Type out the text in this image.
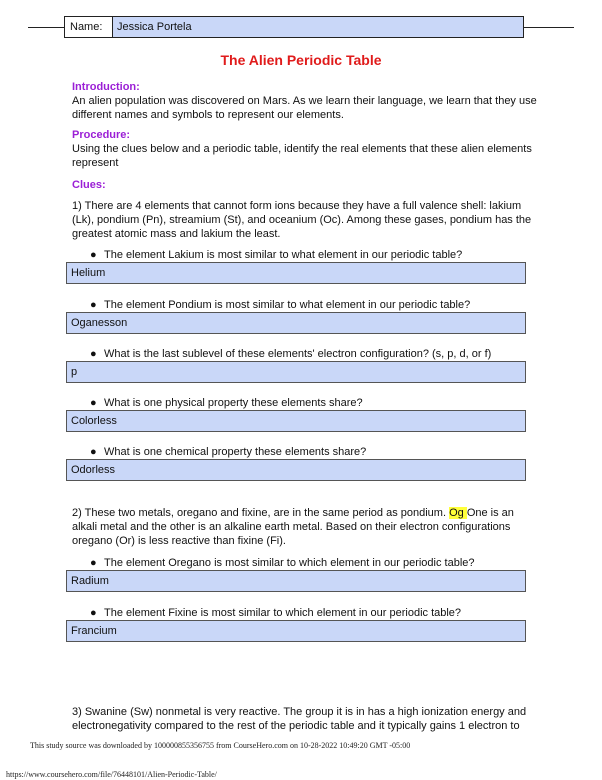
Name:	Jessica Portela
The Alien Periodic Table
Introduction:
An alien population was discovered on Mars. As we learn their language, we learn that they use different names and symbols to represent our elements.
Procedure:
Using the clues below and a periodic table, identify the real elements that these alien elements represent
Clues:
1) There are 4 elements that cannot form ions because they have a full valence shell: lakium (Lk), pondium (Pn), streamium (St), and oceanium (Oc). Among these gases, pondium has the greatest atomic mass and lakium the least.
● The element Lakium is most similar to what element in our periodic table?
Helium
● The element Pondium is most similar to what element in our periodic table?
Oganesson
● What is the last sublevel of these elements' electron configuration? (s, p, d, or f)
p
● What is one physical property these elements share?
Colorless
● What is one chemical property these elements share?
Odorless
2) These two metals, oregano and fixine, are in the same period as pondium. Og One is an alkali metal and the other is an alkaline earth metal. Based on their electron configurations oregano (Or) is less reactive than fixine (Fi).
● The element Oregano is most similar to which element in our periodic table?
Radium
● The element Fixine is most similar to which element in our periodic table?
Francium
3) Swanine (Sw) nonmetal is very reactive. The group it is in has a high ionization energy and electronegativity compared to the rest of the periodic table and it typically gains 1 electron to
This study source was downloaded by 100000855356755 from CourseHero.com on 10-28-2022 10:49:20 GMT -05:00
https://www.coursehero.com/file/76448101/Alien-Periodic-Table/
